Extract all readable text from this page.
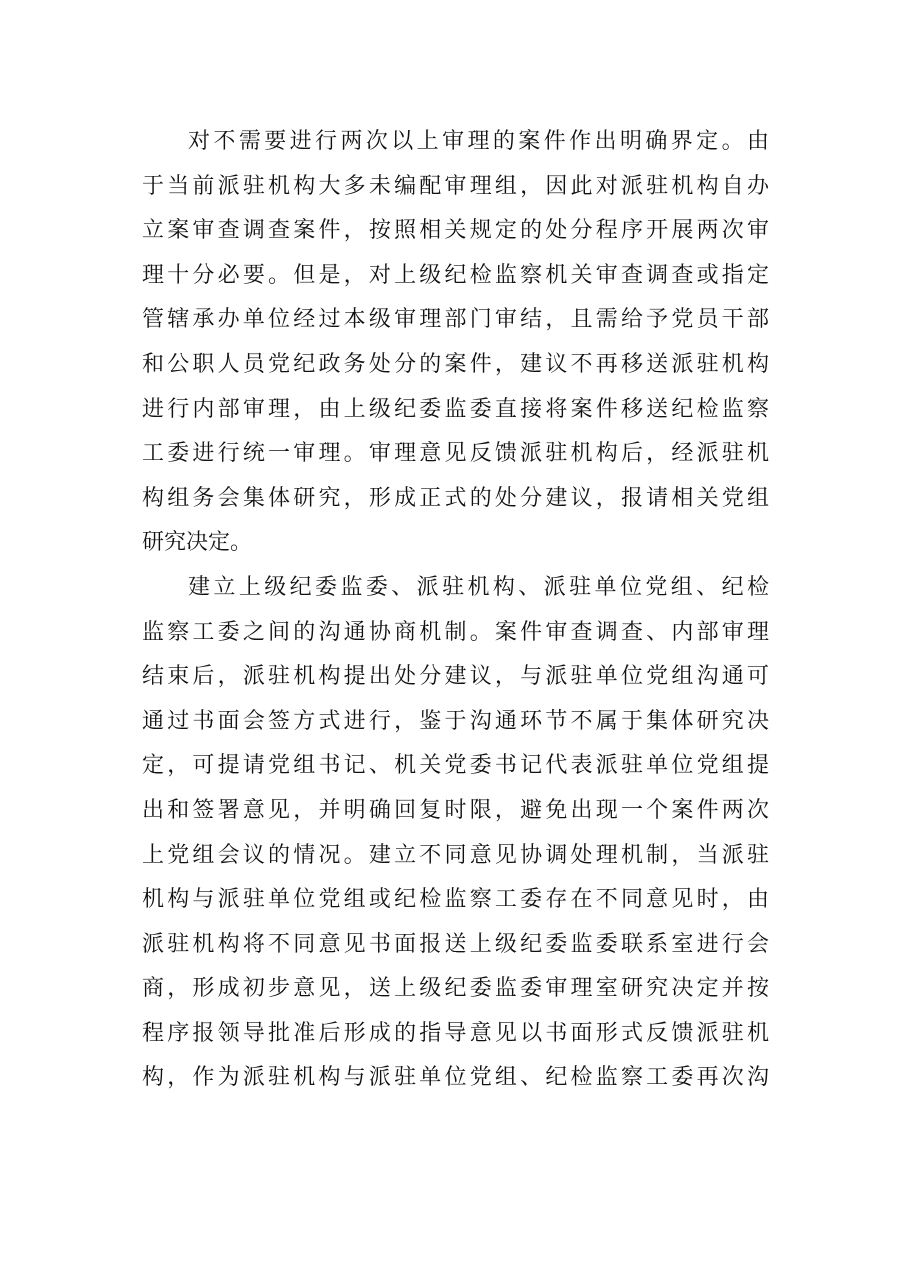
对不需要进行两次以上审理的案件作出明确界定。由
于当前派驻机构大多未编配审理组，因此对派驻机构自办
立案审查调查案件，按照相关规定的处分程序开展两次审
理十分必要。但是，对上级纪检监察机关审查调查或指定
管辖承办单位经过本级审理部门审结，且需给予党员干部
和公职人员党纪政务处分的案件，建议不再移送派驻机构
进行内部审理，由上级纪委监委直接将案件移送纪检监察
工委进行统一审理。审理意见反馈派驻机构后，经派驻机
构组务会集体研究，形成正式的处分建议，报请相关党组
研究决定。
建立上级纪委监委、派驻机构、派驻单位党组、纪检
监察工委之间的沟通协商机制。案件审查调查、内部审理
结束后，派驻机构提出处分建议，与派驻单位党组沟通可
通过书面会签方式进行，鉴于沟通环节不属于集体研究决
定，可提请党组书记、机关党委书记代表派驻单位党组提
出和签署意见，并明确回复时限，避免出现一个案件两次
上党组会议的情况。建立不同意见协调处理机制，当派驻
机构与派驻单位党组或纪检监察工委存在不同意见时，由
派驻机构将不同意见书面报送上级纪委监委联系室进行会
商，形成初步意见，送上级纪委监委审理室研究决定并按
程序报领导批准后形成的指导意见以书面形式反馈派驻机
构，作为派驻机构与派驻单位党组、纪检监察工委再次沟
